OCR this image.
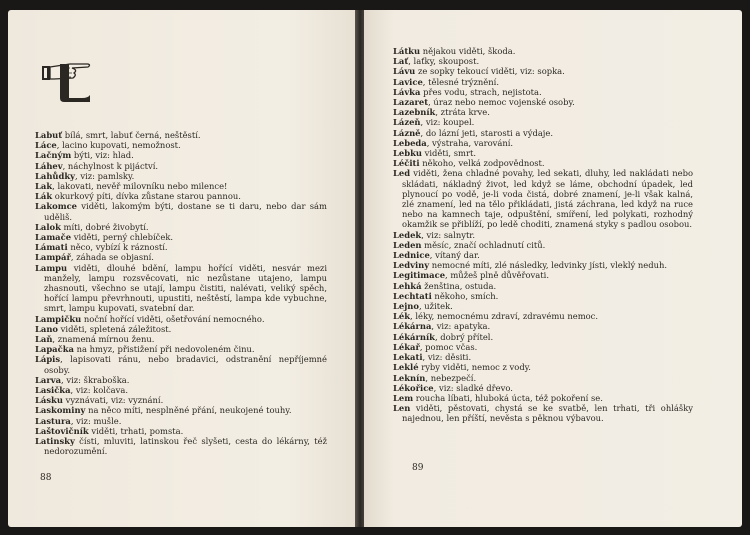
Labuť bílá, smrt, labuť černá, neštěstí.
Láce, lacino kupovati, nemožnost.
Lačným býti, viz: hlad.
Láhev, náchylnost k pijáctví.
Lahůdky, viz: pamlsky.
Lak, lakovati, nevěř milovníku nebo milence!
Lák okurkový píti, dívka zůstane starou pannou.
Lakomce viděti, lakomým býti, dostane se ti daru, nebo dar sám uděliš.
Lalok míti, dobré živobytí.
Lamače viděti, perný chlebíček.
Lámati něco, vybízí k rázností.
Lampář, záhada se objasní.
Lampu viděti, dlouhé bdění, lampu hořící viděti, nesvár mezi manžely, lampu rozsvěcovati, nic nezůstane utajeno, lampu zhasnouti, všechno se utají, lampu čistiti, nalévati, veliký spěch, hořící lampu převrhnouti, upustiti, neštěstí, lampa kde vybuchne, smrt, lampu kupovati, svatební dar.
Lampičku noční hořící viděti, ošetřování nemocného.
Lano viděti, spletená záležitost.
Laň, znamená mírnou ženu.
Lapačka na hmyz, přistižení při nedovoleném činu.
Lápis, lapisovati ránu, nebo bradavici, odstranění nepříjemné osoby.
Larva, viz: škraboška.
Lasička, viz: kolčava.
Lásku vyznávati, viz: vyznání.
Laskominy na něco míti, nesplněné přání, neukojené touhy.
Lastura, viz: mušle.
Laštovičník viděti, trhati, pomsta.
Latinsky čísti, mluviti, latinskou řeč slyšeti, cesta do lékárny, též nedorozumění.
Látku nějakou viděti, škoda.
Lať, laťky, skoupost.
Lávu ze sopky tekoucí viděti, viz: sopka.
Lavice, tělesné trýznění.
Lávka přes vodu, strach, nejistota.
Lazaret, úraz nebo nemoc vojenské osoby.
Lazebník, ztráta krve.
Lázeň, viz: koupel.
Lázně, do lázní jeti, starosti a výdaje.
Lebeda, výstraha, varování.
Lebku viděti, smrt.
Léčiti někoho, velká zodpovědnost.
Led viděti, žena chladné povahy, led sekati, dluhy, led nakládati nebo skládati, nákladný život, led když se láme, obchodní úpadek, led plynoucí po vodě, je-li voda čistá, dobré znamení, je-li však kalná, zlé znamení, led na tělo přikládati, jistá záchrana, led když na ruce nebo na kamnech taje, odpuštění, smíření, led polykati, rozhodný okamžik se přiblíží, po ledě choditi, znamená styky s padlou osobou.
Ledek, viz: salnytr.
Leden měsíc, značí ochladnutí citů.
Lednice, vítaný dar.
Ledviny nemocné míti, zlé následky, ledvinky jísti, vleklý neduh.
Legitimace, můžeš plně důvěřovati.
Lehká ženština, ostuda.
Lechtati někoho, smích.
Lejno, užitek.
Lék, léky, nemocnému zdraví, zdravému nemoc.
Lékárna, viz: apatyka.
Lékárník, dobrý přítel.
Lékař, pomoc včas.
Lekati, viz: děsiti.
Leklé ryby viděti, nemoc z vody.
Leknín, nebezpečí.
Lékořice, viz: sladké dřevo.
Lem roucha líbati, hluboká úcta, též pokoření se.
Len viděti, pěstovati, chystá se ke svatbě, len trhati, tři ohlášky najednou, len příští, nevěsta s pěknou výbavou.
88
89
